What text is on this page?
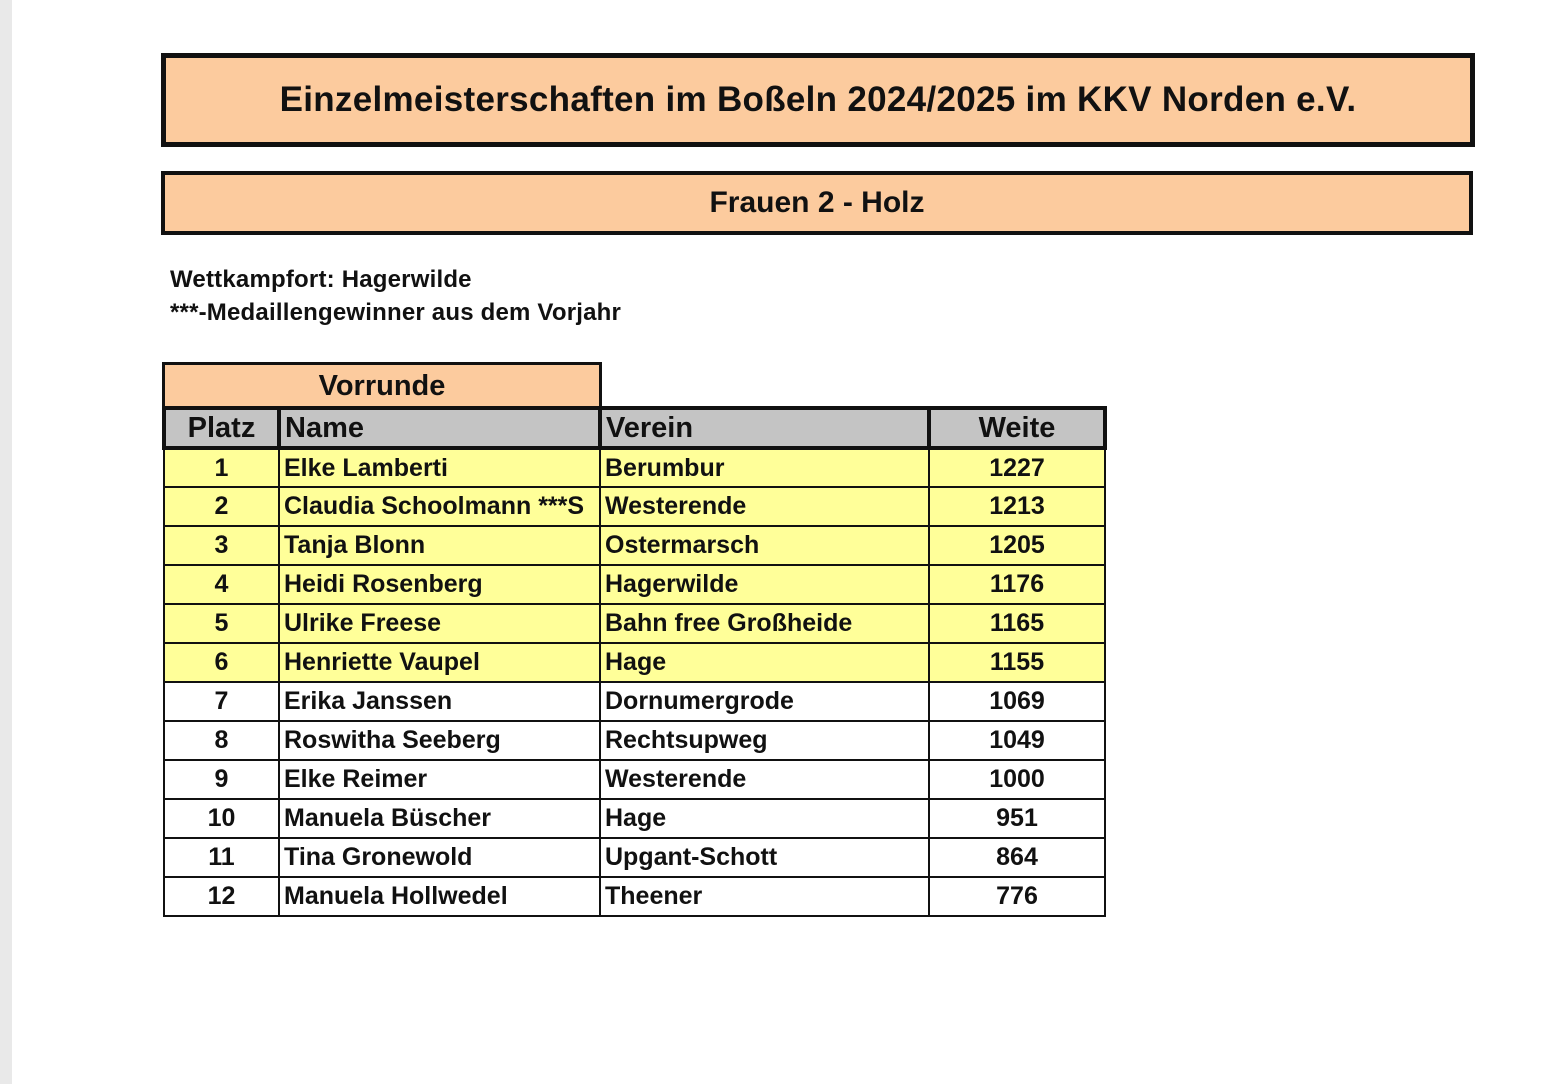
Einzelmeisterschaften im Boßeln 2024/2025 im KKV Norden e.V.
Frauen 2 - Holz
Wettkampfort: Hagerwilde
***-Medaillengewinner aus dem Vorjahr
Vorrunde
Platz	Name	Verein	Weite
1	Elke Lamberti	Berumbur	1227
2	Claudia Schoolmann ***S	Westerende	1213
3	Tanja Blonn	Ostermarsch	1205
4	Heidi Rosenberg	Hagerwilde	1176
5	Ulrike Freese	Bahn free Großheide	1165
6	Henriette Vaupel	Hage	1155
7	Erika Janssen	Dornumergrode	1069
8	Roswitha Seeberg	Rechtsupweg	1049
9	Elke Reimer	Westerende	1000
10	Manuela Büscher	Hage	951
11	Tina Gronewold	Upgant-Schott	864
12	Manuela Hollwedel	Theener	776
